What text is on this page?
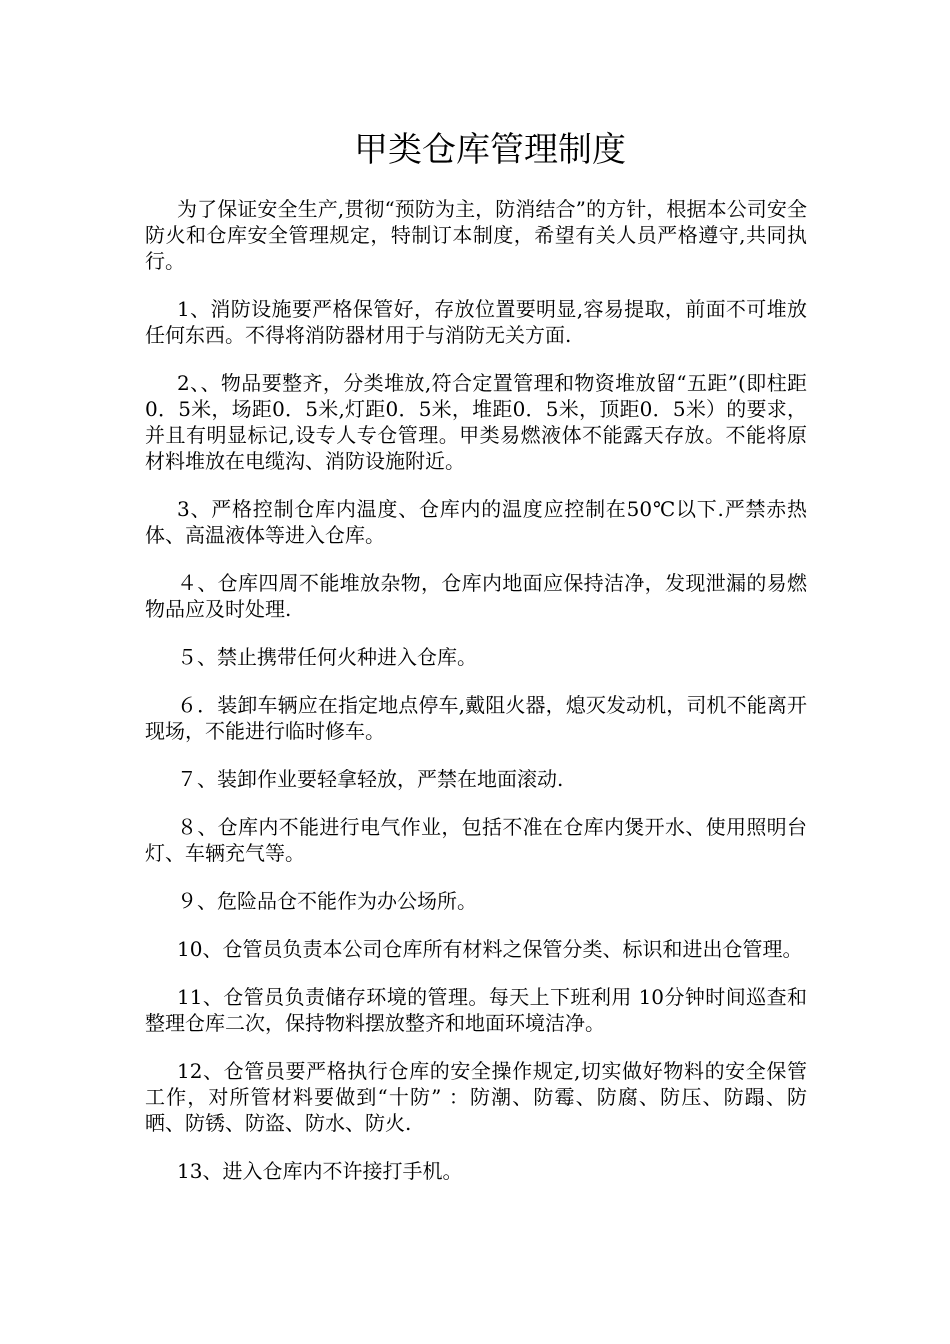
甲类仓库管理制度

为了保证安全生产,贯彻“预防为主，防消结合”的方针，根据本公司安全防火和仓库安全管理规定，特制订本制度，希望有关人员严格遵守,共同执行。

1、消防设施要严格保管好，存放位置要明显,容易提取，前面不可堆放任何东西。不得将消防器材用于与消防无关方面.

2、、物品要整齐，分类堆放,符合定置管理和物资堆放留“五距”(即柱距0．5米，场距0．5米,灯距0．5米，堆距0．5米，顶距0．5米）的要求，并且有明显标记,设专人专仓管理。甲类易燃液体不能露天存放。不能将原材料堆放在电缆沟、消防设施附近。

3、严格控制仓库内温度、仓库内的温度应控制在50℃以下.严禁赤热体、高温液体等进入仓库。

４、仓库四周不能堆放杂物，仓库内地面应保持洁净，发现泄漏的易燃物品应及时处理.

５、禁止携带任何火种进入仓库。

６．装卸车辆应在指定地点停车,戴阻火器，熄灭发动机，司机不能离开现场，不能进行临时修车。

７、装卸作业要轻拿轻放，严禁在地面滚动.

８、仓库内不能进行电气作业，包括不准在仓库内煲开水、使用照明台灯、车辆充气等。

９、危险品仓不能作为办公场所。

10、仓管员负责本公司仓库所有材料之保管分类、标识和进出仓管理。

11、仓管员负责储存环境的管理。每天上下班利用 10分钟时间巡查和整理仓库二次，保持物料摆放整齐和地面环境洁净。

12、仓管员要严格执行仓库的安全操作规定,切实做好物料的安全保管工作，对所管材料要做到“十防” ：防潮、防霉、防腐、防压、防蹋、防晒、防锈、防盗、防水、防火.

13、进入仓库内不许接打手机。
